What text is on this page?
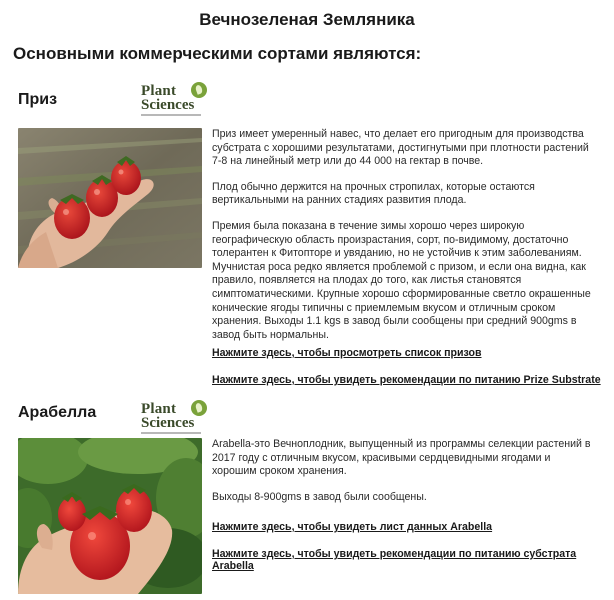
Вечнозеленая Земляника
Основными коммерческими сортами являются:
Приз	Plant
Sciences

Приз имеет умеренный навес, что делает его пригодным для производства субстрата с хорошими результатами, достигнутыми при плотности растений 7-8 на линейный метр или до 44 000 на гектар в почве.

Плод обычно держится на прочных стропилах, которые остаются вертикальными на ранних стадиях развития плода.

Премия была показана в течение зимы хорошо через широкую географическую область произрастания, сорт, по-видимому, достаточно толерантен к Фитопторе и увяданию, но не устойчив к этим заболеваниям. Мучнистая роса редко является проблемой с призом, и если она видна, как правило, появляется на плодах до того, как листья становятся симптоматическими. Крупные хорошо сформированные светло окрашенные конические ягоды типичны с приемлемым вкусом и отличным сроком хранения. Выходы 1.1 kgs в завод были сообщены при средний 900gms в завод быть нормальны.

Нажмите здесь, чтобы просмотреть список призов
Нажмите здесь, чтобы увидеть рекомендации по питанию Prize Substrate
Арабелла	Plant
Sciences

Arabella-это Вечноплодник, выпущенный из программы селекции растений в 2017 году с отличным вкусом, красивыми сердцевидными ягодами и хорошим сроком хранения.

Выходы 8-900gms в завод были сообщены.

Нажмите здесь, чтобы увидеть лист данных Arabella
Нажмите здесь, чтобы увидеть рекомендации по питанию субстрата Arabella
